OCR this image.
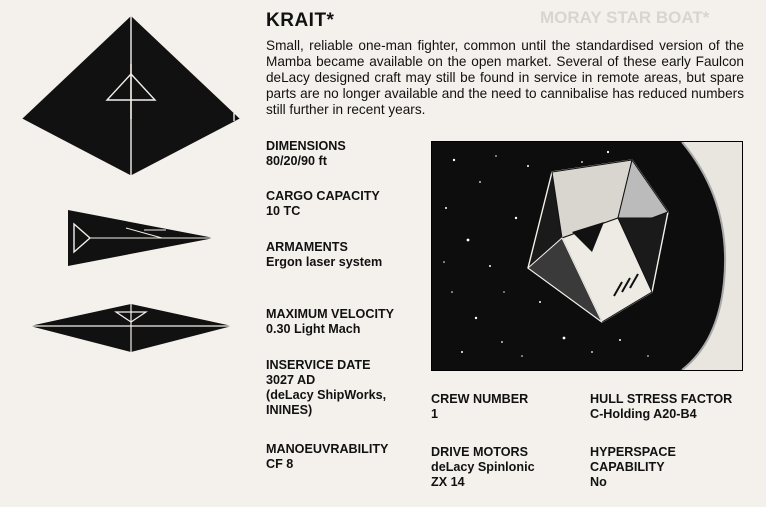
MORAY STAR BOAT*
KRAIT*

Small, reliable one-man fighter, common until the standardised version of the Mamba became available on the open market. Several of these early Faulcon deLacy designed craft may still be found in service in remote areas, but spare parts are no longer available and the need to cannibalise has reduced numbers still further in recent years.

DIMENSIONS
80/20/90 ft
CARGO CAPACITY
10 TC
ARMAMENTS
Ergon laser system
MAXIMUM VELOCITY
0.30 Light Mach
INSERVICE DATE
3027 AD
(deLacy ShipWorks,
ININES)
MANOEUVRABILITY
CF 8
CREW NUMBER
1
DRIVE MOTORS
deLacy Spinlonic
ZX 14
HULL STRESS FACTOR
C-Holding A20-B4
HYPERSPACE
CAPABILITY
No
